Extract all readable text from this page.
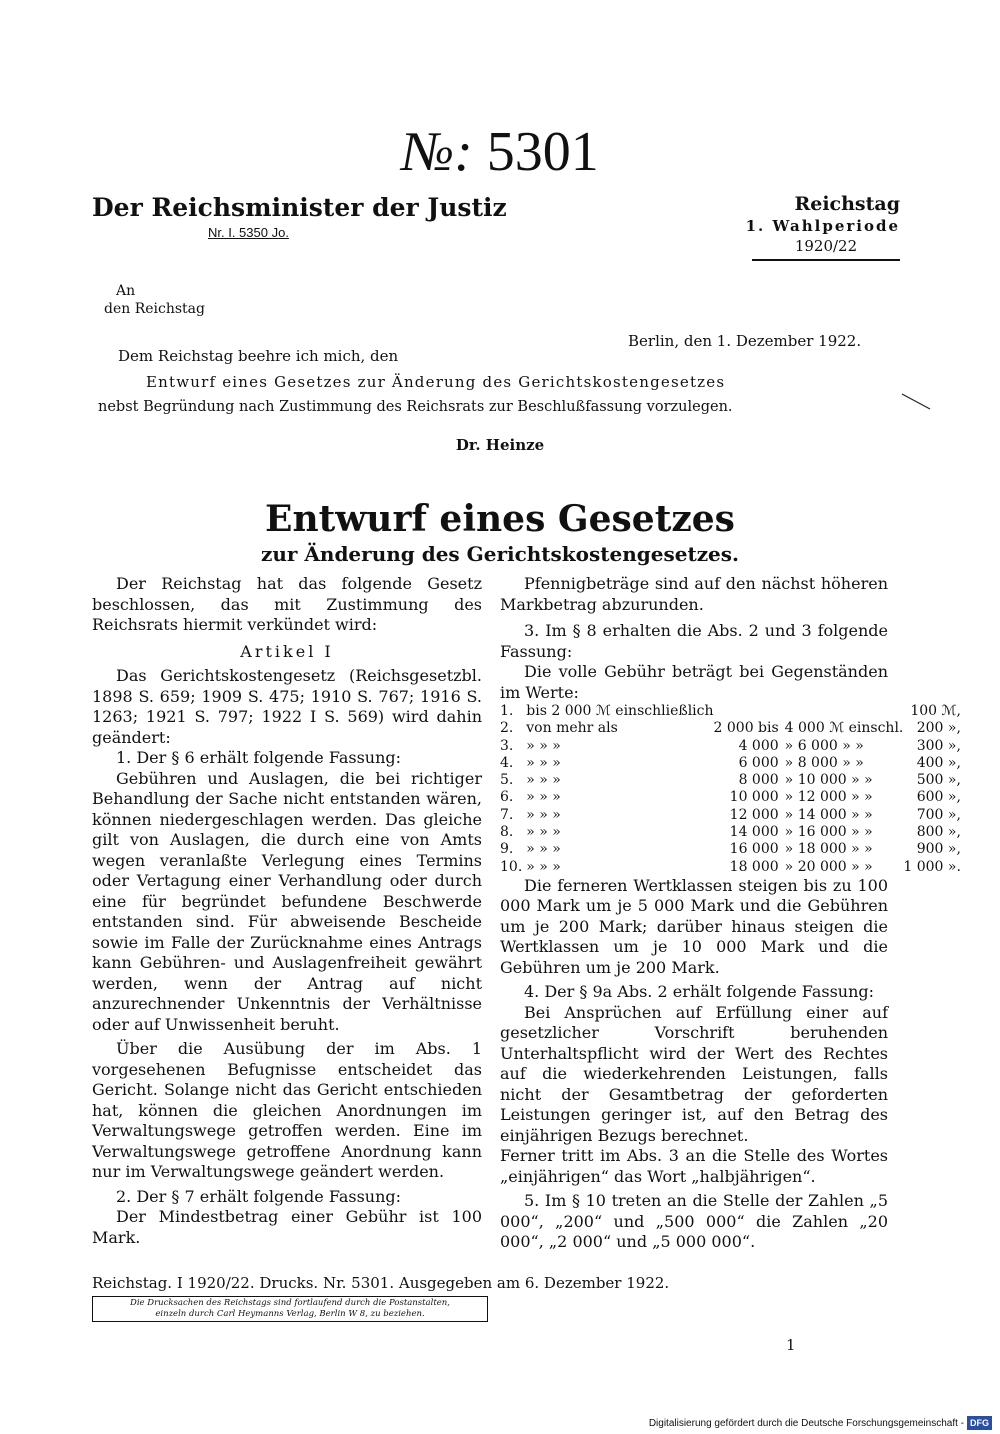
№: 5301
Der Reichsminister der Justiz
Nr. I. 5350 Jo.
Reichstag
1. Wahlperiode
1920/22
An
den Reichstag
Berlin, den 1. Dezember 1922.
Dem Reichstag beehre ich mich, den
Entwurf eines Gesetzes zur Änderung des Gerichtskostengesetzes
nebst Begründung nach Zustimmung des Reichsrats zur Beschlußfassung vorzulegen.
Dr. Heinze
Entwurf eines Gesetzes
zur Änderung des Gerichtskostengesetzes.

Der Reichstag hat das folgende Gesetz beschlossen, das mit Zustimmung des Reichsrats hiermit verkündet wird:

Artikel I

Das Gerichtskostengesetz (Reichsgesetzbl. 1898 S. 659; 1909 S. 475; 1910 S. 767; 1916 S. 1263; 1921 S. 797; 1922 I S. 569) wird dahin geändert:

1. Der § 6 erhält folgende Fassung:

Gebühren und Auslagen, die bei richtiger Behandlung der Sache nicht entstanden wären, können niedergeschlagen werden. Das gleiche gilt von Auslagen, die durch eine von Amts wegen veranlaßte Verlegung eines Termins oder Vertagung einer Verhandlung oder durch eine für begründet befundene Beschwerde entstanden sind. Für abweisende Bescheide sowie im Falle der Zurücknahme eines Antrags kann Gebühren- und Auslagenfreiheit gewährt werden, wenn der Antrag auf nicht anzurechnender Unkenntnis der Verhältnisse oder auf Unwissenheit beruht.

Über die Ausübung der im Abs. 1 vorgesehenen Befugnisse entscheidet das Gericht. Solange nicht das Gericht entschieden hat, können die gleichen Anordnungen im Verwaltungswege getroffen werden. Eine im Verwaltungswege getroffene Anordnung kann nur im Verwaltungswege geändert werden.

2. Der § 7 erhält folgende Fassung:

Der Mindestbetrag einer Gebühr ist 100 Mark.

Pfennigbeträge sind auf den nächst höheren Markbetrag abzurunden.

3. Im § 8 erhalten die Abs. 2 und 3 folgende Fassung:

Die volle Gebühr beträgt bei Gegenständen im Werte:

1.	bis 2 000 ℳ einschließlich			100 ℳ,
2.	von mehr als	2 000 bis	4 000 ℳ einschl.	200 »,
3.	» » »	4 000	» 6 000 » »	300 »,
4.	» » »	6 000	» 8 000 » »	400 »,
5.	» » »	8 000	» 10 000 » »	500 »,
6.	» » »	10 000	» 12 000 » »	600 »,
7.	» » »	12 000	» 14 000 » »	700 »,
8.	» » »	14 000	» 16 000 » »	800 »,
9.	» » »	16 000	» 18 000 » »	900 »,
10.	» » »	18 000	» 20 000 » »	1 000 ».

Die ferneren Wertklassen steigen bis zu 100 000 Mark um je 5 000 Mark und die Gebühren um je 200 Mark; darüber hinaus steigen die Wertklassen um je 10 000 Mark und die Gebühren um je 200 Mark.

4. Der § 9a Abs. 2 erhält folgende Fassung:

Bei Ansprüchen auf Erfüllung einer auf gesetzlicher Vorschrift beruhenden Unterhaltspflicht wird der Wert des Rechtes auf die wiederkehrenden Leistungen, falls nicht der Gesamtbetrag der geforderten Leistungen geringer ist, auf den Betrag des einjährigen Bezugs berechnet.

Ferner tritt im Abs. 3 an die Stelle des Wortes „einjährigen“ das Wort „halbjährigen“.

5. Im § 10 treten an die Stelle der Zahlen „5 000“, „200“ und „500 000“ die Zahlen „20 000“, „2 000“ und „5 000 000“.

Reichstag. I 1920/22. Drucks. Nr. 5301. Ausgegeben am 6. Dezember 1922.
Die Drucksachen des Reichstags sind fortlaufend durch die Postanstalten,
einzeln durch Carl Heymanns Verlag, Berlin W 8, zu beziehen.
1
Digitalisierung gefördert durch die Deutsche Forschungsgemeinschaft - DFG
